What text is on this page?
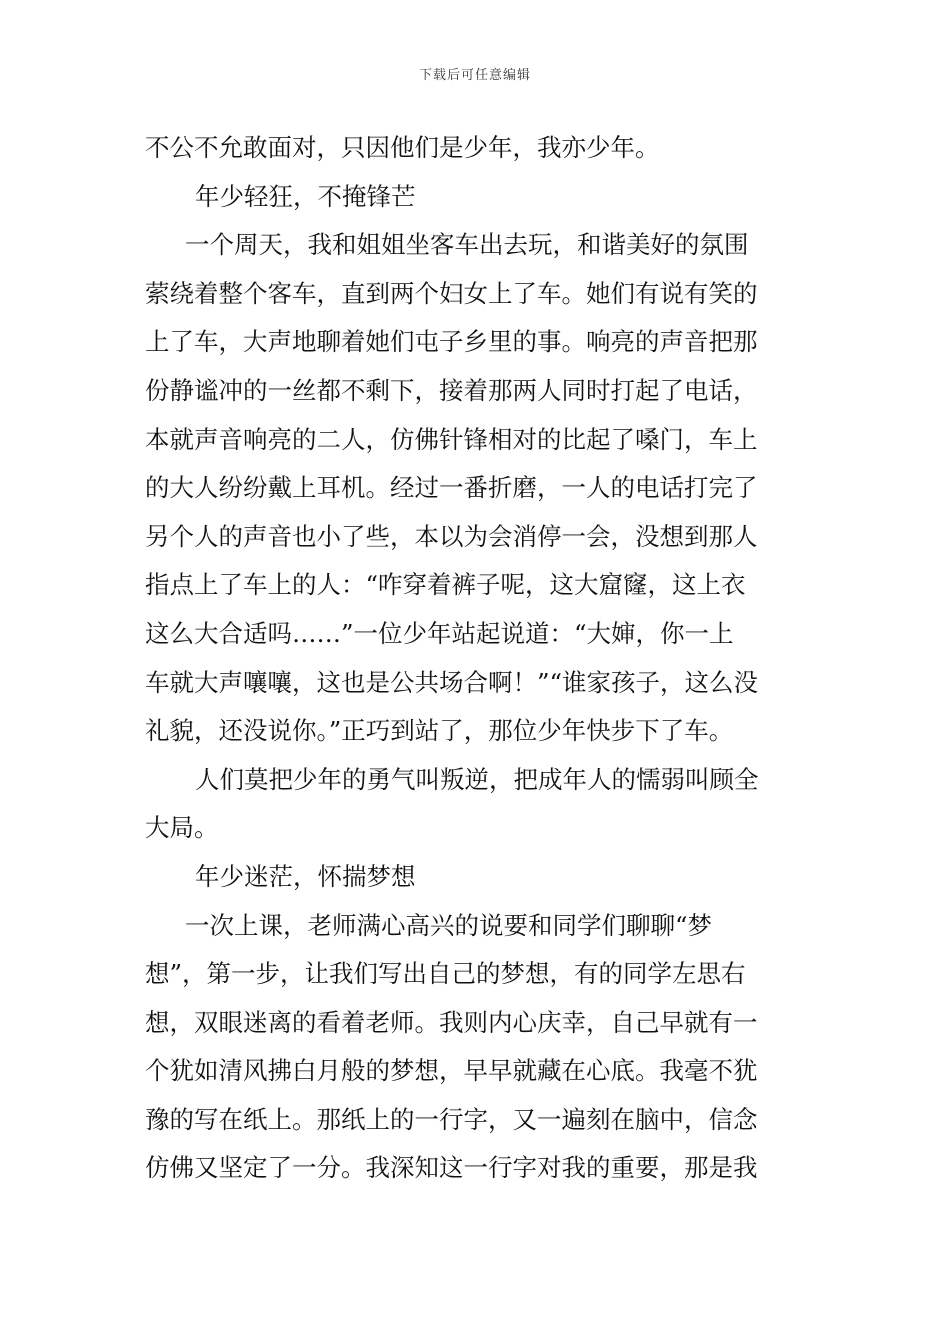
下载后可任意编辑
不公不允敢面对，只因他们是少年，我亦少年。
年少轻狂，不掩锋芒
一个周天，我和姐姐坐客车出去玩，和谐美好的氛围
萦绕着整个客车，直到两个妇女上了车。她们有说有笑的
上了车，大声地聊着她们屯子乡里的事。响亮的声音把那
份静谧冲的一丝都不剩下，接着那两人同时打起了电话，
本就声音响亮的二人，仿佛针锋相对的比起了嗓门，车上
的大人纷纷戴上耳机。经过一番折磨，一人的电话打完了
另个人的声音也小了些，本以为会消停一会，没想到那人
指点上了车上的人：“咋穿着裤子呢，这大窟窿，这上衣
这么大合适吗……”一位少年站起说道：“大婶，你一上
车就大声嚷嚷，这也是公共场合啊！”“谁家孩子，这么没
礼貌，还没说你。”正巧到站了，那位少年快步下了车。
人们莫把少年的勇气叫叛逆，把成年人的懦弱叫顾全
大局。
年少迷茫，怀揣梦想
一次上课，老师满心高兴的说要和同学们聊聊“梦
想”，第一步，让我们写出自己的梦想，有的同学左思右
想，双眼迷离的看着老师。我则内心庆幸，自己早就有一
个犹如清风拂白月般的梦想，早早就藏在心底。我毫不犹
豫的写在纸上。那纸上的一行字，又一遍刻在脑中，信念
仿佛又坚定了一分。我深知这一行字对我的重要，那是我
